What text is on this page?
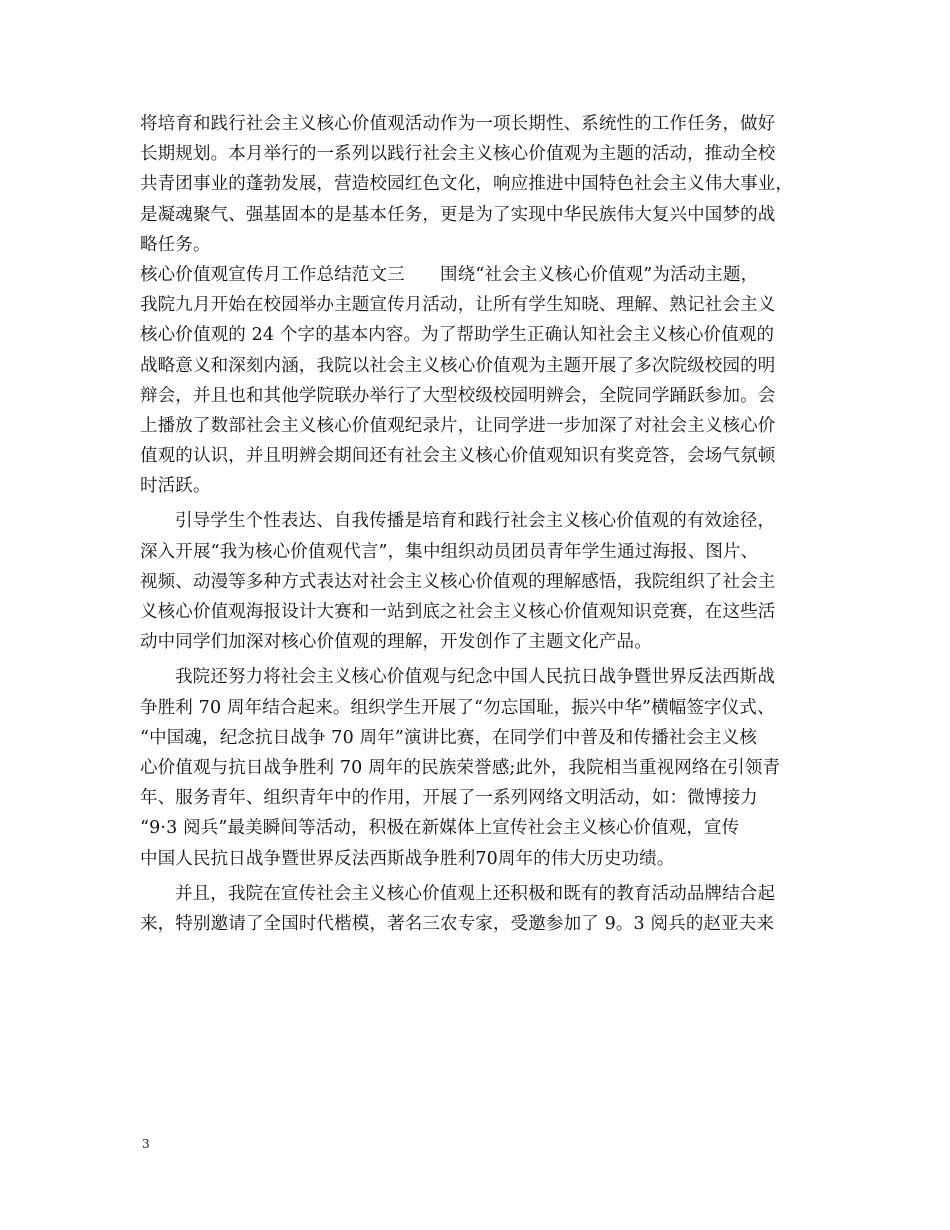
将培育和践行社会主义核心价值观活动作为一项长期性、系统性的工作任务，做好
长期规划。本月举行的一系列以践行社会主义核心价值观为主题的活动，推动全校
共青团事业的蓬勃发展，营造校园红色文化，响应推进中国特色社会主义伟大事业，
是凝魂聚气、强基固本的是基本任务，更是为了实现中华民族伟大复兴中国梦的战
略任务。
核心价值观宣传月工作总结范文三　　围绕“社会主义核心价值观”为活动主题，
我院九月开始在校园举办主题宣传月活动，让所有学生知晓、理解、熟记社会主义
核心价值观的 24 个字的基本内容。为了帮助学生正确认知社会主义核心价值观的
战略意义和深刻内涵，我院以社会主义核心价值观为主题开展了多次院级校园的明
辩会，并且也和其他学院联办举行了大型校级校园明辨会，全院同学踊跃参加。会
上播放了数部社会主义核心价值观纪录片，让同学进一步加深了对社会主义核心价
值观的认识，并且明辨会期间还有社会主义核心价值观知识有奖竞答，会场气氛顿
时活跃。
引导学生个性表达、自我传播是培育和践行社会主义核心价值观的有效途径，
深入开展“我为核心价值观代言”，集中组织动员团员青年学生通过海报、图片、
视频、动漫等多种方式表达对社会主义核心价值观的理解感悟，我院组织了社会主
义核心价值观海报设计大赛和一站到底之社会主义核心价值观知识竞赛，在这些活
动中同学们加深对核心价值观的理解，开发创作了主题文化产品。
我院还努力将社会主义核心价值观与纪念中国人民抗日战争暨世界反法西斯战
争胜利 70 周年结合起来。组织学生开展了“勿忘国耻，振兴中华”横幅签字仪式、
“中国魂，纪念抗日战争 70 周年”演讲比赛，在同学们中普及和传播社会主义核
心价值观与抗日战争胜利 70 周年的民族荣誉感;此外，我院相当重视网络在引领青
年、服务青年、组织青年中的作用，开展了一系列网络文明活动，如：微博接力
“9·3 阅兵”最美瞬间等活动，积极在新媒体上宣传社会主义核心价值观，宣传
中国人民抗日战争暨世界反法西斯战争胜利70周年的伟大历史功绩。
并且，我院在宣传社会主义核心价值观上还积极和既有的教育活动品牌结合起
来，特别邀请了全国时代楷模，著名三农专家，受邀参加了 9。3 阅兵的赵亚夫来
3
